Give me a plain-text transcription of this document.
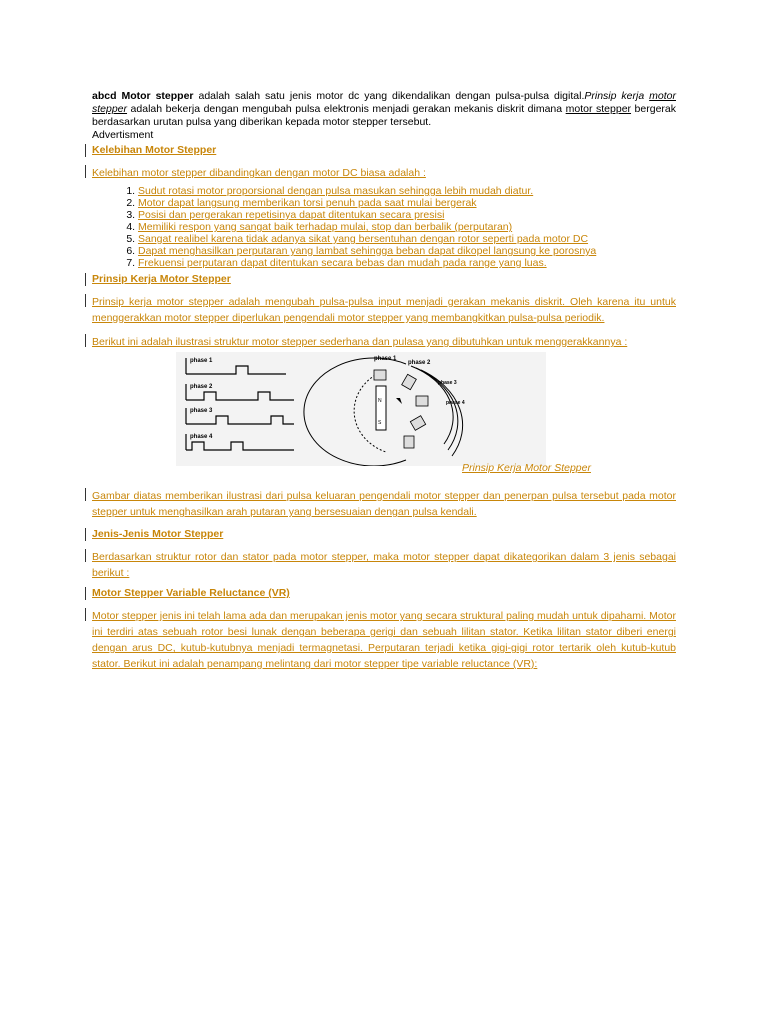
abcd Motor stepper adalah salah satu jenis motor dc yang dikendalikan dengan pulsa-pulsa digital.Prinsip kerja motor stepper adalah bekerja dengan mengubah pulsa elektronis menjadi gerakan mekanis diskrit dimana motor stepper bergerak berdasarkan urutan pulsa yang diberikan kepada motor stepper tersebut.
Advertisment
Kelebihan Motor Stepper
Kelebihan motor stepper dibandingkan dengan motor DC biasa adalah :
1. Sudut rotasi motor proporsional dengan pulsa masukan sehingga lebih mudah diatur.
2. Motor dapat langsung memberikan torsi penuh pada saat mulai bergerak
3. Posisi dan pergerakan repetisinya dapat ditentukan secara presisi
4. Memiliki respon yang sangat baik terhadap mulai, stop dan berbalik (perputaran)
5. Sangat realibel karena tidak adanya sikat yang bersentuhan dengan rotor seperti pada motor DC
6. Dapat menghasilkan perputaran yang lambat sehingga beban dapat dikopel langsung ke porosnya
7. Frekuensi perputaran dapat ditentukan secara bebas dan mudah pada range yang luas.
Prinsip Kerja Motor Stepper
Prinsip kerja motor stepper adalah mengubah pulsa-pulsa input menjadi gerakan mekanis diskrit. Oleh karena itu untuk menggerakkan motor stepper diperlukan pengendali motor stepper yang membangkitkan pulsa-pulsa periodik.
Berikut ini adalah ilustrasi struktur motor stepper sederhana dan pulasa yang dibutuhkan untuk menggerakkannya :
phase 1
phase 2
phase 3
phase 4
N
S
phase 1
phase 2
phase 3
phase 4
Prinsip Kerja Motor Stepper
Gambar diatas memberikan ilustrasi dari pulsa keluaran pengendali motor stepper dan penerpan pulsa tersebut pada motor stepper untuk menghasilkan arah putaran yang bersesuaian dengan pulsa kendali.
Jenis-Jenis Motor Stepper
Berdasarkan struktur rotor dan stator pada motor stepper, maka motor stepper dapat dikategorikan dalam 3 jenis sebagai berikut :
Motor Stepper Variable Reluctance (VR)
Motor stepper jenis ini telah lama ada dan merupakan jenis motor yang secara struktural paling mudah untuk dipahami. Motor ini terdiri atas sebuah rotor besi lunak dengan beberapa gerigi dan sebuah lilitan stator. Ketika lilitan stator diberi energi dengan arus DC, kutub-kutubnya menjadi termagnetasi. Perputaran terjadi ketika gigi-gigi rotor tertarik oleh kutub-kutub stator. Berikut ini adalah penampang melintang dari motor stepper tipe variable reluctance (VR):
